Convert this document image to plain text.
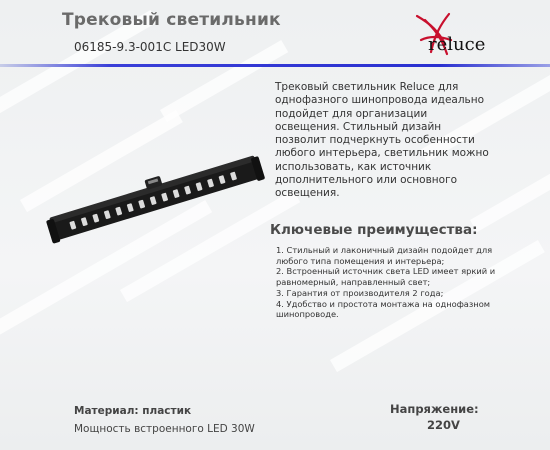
Трековый светильник
06185-9.3-001C LED30W	reluce
Трековый светильник Reluce для однофазного шинопровода идеально подойдет для организации освещения. Стильный дизайн позволит подчеркнуть особенности любого интерьера, светильник можно использовать, как источник дополнительного или основного освещения.
Ключевые преимущества:
1. Стильный и лаконичный дизайн подойдет для любого типа помещения и интерьера;
2. Встроенный источник света LED имеет яркий и равномерный, направленный свет;
3. Гарантия от производителя 2 года;
4. Удобство и простота монтажа на однофазном шинопроводе.
Материал: пластик
Мощность встроенного LED 30W
Напряжение:
220V
